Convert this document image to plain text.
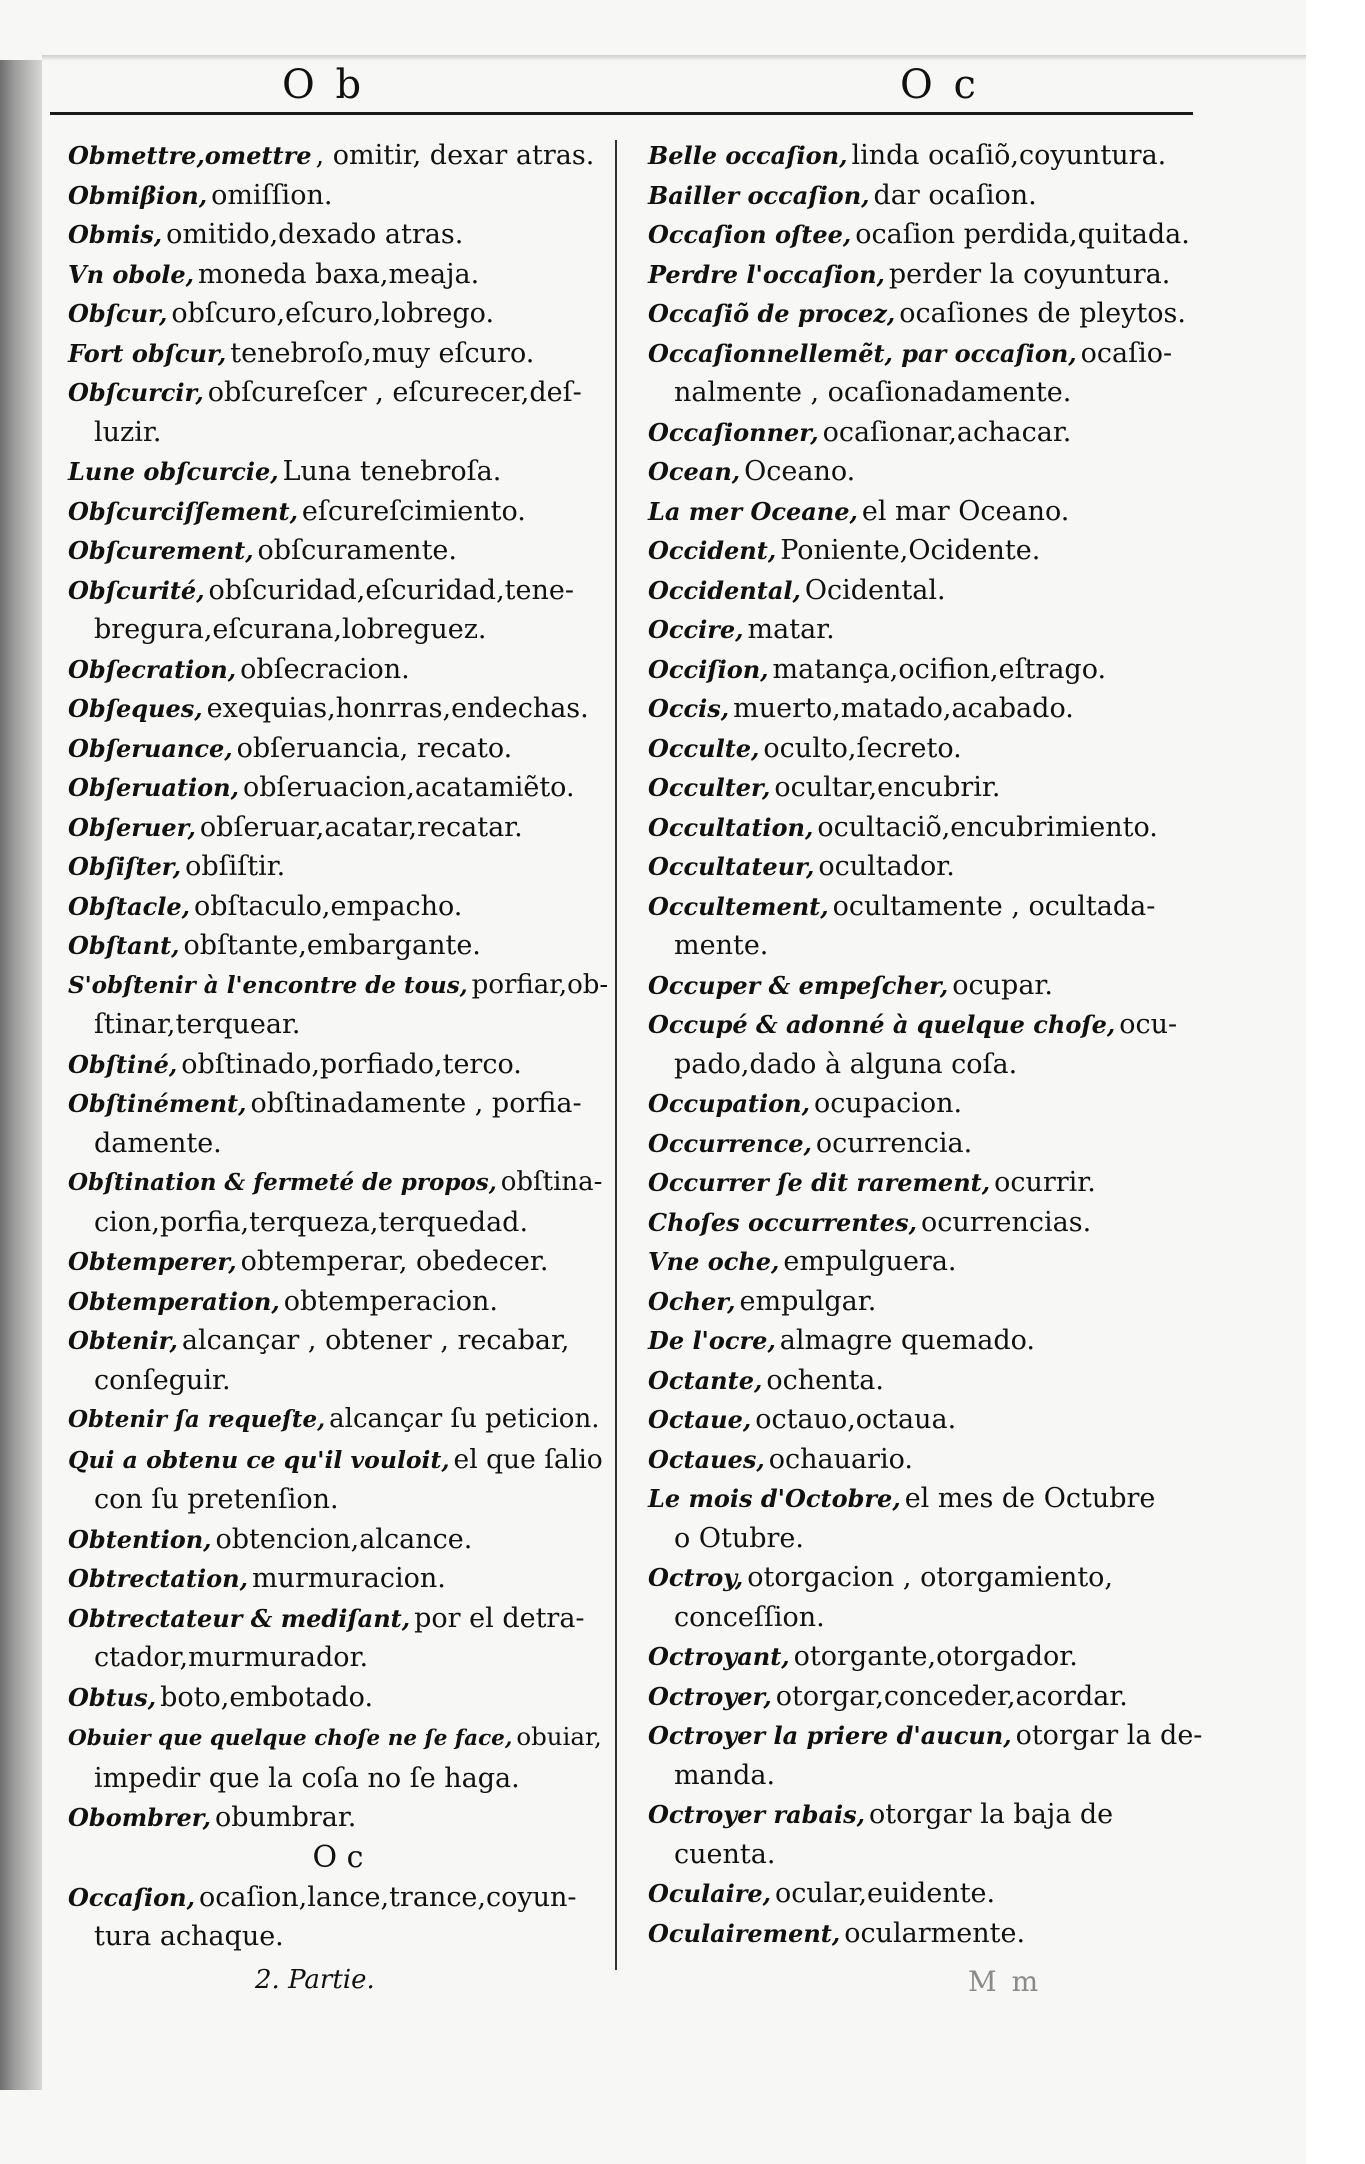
O b	O c
Obmettre,omettre , omitir, dexar atras.
Obmiβion, omiſſion.
Obmis, omitido,dexado atras.
Vn obole, moneda baxa,meaja.
Obſcur, obſcuro,eſcuro,lobrego.
Fort obſcur, tenebroſo,muy eſcuro.
Obſcurcir, obſcureſcer , eſcurecer,deſ-
luzir.
Lune obſcurcie, Luna tenebroſa.
Obſcurciſſement, eſcureſcimiento.
Obſcurement, obſcuramente.
Obſcurité, obſcuridad,eſcuridad,tene-
bregura,eſcurana,lobreguez.
Obſecration, obſecracion.
Obſeques, exequias,honrras,endechas.
Obſeruance, obſeruancia, recato.
Obſeruation, obſeruacion,acatamiẽto.
Obſeruer, obſeruar,acatar,recatar.
Obſiſter, obſiſtir.
Obſtacle, obſtaculo,empacho.
Obſtant, obſtante,embargante.
S'obſtenir à l'encontre de tous, porfiar,ob-
ſtinar,terquear.
Obſtiné, obſtinado,porfiado,terco.
Obſtinément, obſtinadamente , porfia-
damente.
Obſtination & fermeté de propos, obſtina-
cion,porfia,terqueza,terquedad.
Obtemperer, obtemperar, obedecer.
Obtemperation, obtemperacion.
Obtenir, alcançar , obtener , recabar,
conſeguir.
Obtenir ſa requeſte, alcançar ſu peticion.
Qui a obtenu ce qu'il vouloit, el que ſalio
con ſu pretenſion.
Obtention, obtencion,alcance.
Obtrectation, murmuracion.
Obtrectateur & mediſant, por el detra-
ctador,murmurador.
Obtus, boto,embotado.
Obuier que quelque choſe ne ſe face, obuiar,
impedir que la coſa no ſe haga.
Obombrer, obumbrar.
O c
Occaſion, ocaſion,lance,trance,coyun-
tura achaque.
Belle occaſion, linda ocaſiõ,coyuntura.
Bailler occaſion, dar ocaſion.
Occaſion oſtee, ocaſion perdida,quitada.
Perdre l'occaſion, perder la coyuntura.
Occaſiõ de procez, ocaſiones de pleytos.
Occaſionnellemẽt, par occaſion, ocaſio-
nalmente , ocaſionadamente.
Occaſionner, ocaſionar,achacar.
Ocean, Oceano.
La mer Oceane, el mar Oceano.
Occident, Poniente,Ocidente.
Occidental, Ocidental.
Occire, matar.
Occiſion, matança,ocifion,eſtrago.
Occis, muerto,matado,acabado.
Occulte, oculto,ſecreto.
Occulter, ocultar,encubrir.
Occultation, ocultaciõ,encubrimiento.
Occultateur, ocultador.
Occultement, ocultamente , ocultada-
mente.
Occuper & empeſcher, ocupar.
Occupé & adonné à quelque choſe, ocu-
pado,dado à alguna coſa.
Occupation, ocupacion.
Occurrence, ocurrencia.
Occurrer ſe dit rarement, ocurrir.
Choſes occurrentes, ocurrencias.
Vne oche, empulguera.
Ocher, empulgar.
De l'ocre, almagre quemado.
Octante, ochenta.
Octaue, octauo,octaua.
Octaues, ochauario.
Le mois d'Octobre, el mes de Octubre
o Otubre.
Octroy, otorgacion , otorgamiento,
conceſſion.
Octroyant, otorgante,otorgador.
Octroyer, otorgar,conceder,acordar.
Octroyer la priere d'aucun, otorgar la de-
manda.
Octroyer rabais, otorgar la baja de
cuenta.
Oculaire, ocular,euidente.
Oculairement, ocularmente.
2. Partie.	M m
